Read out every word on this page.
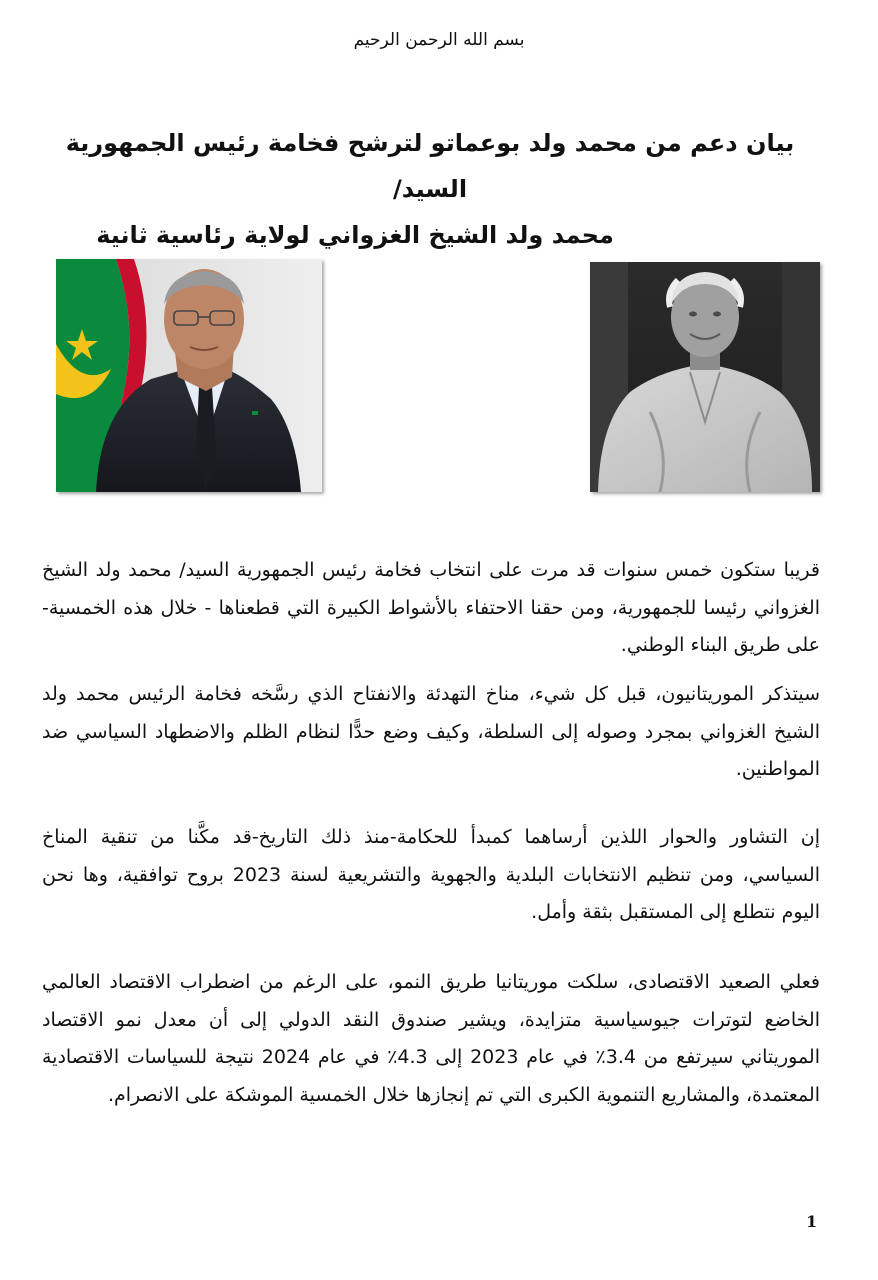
بسم الله الرحمن الرحيم
بيان دعم من محمد ولد بوعماتو لترشح فخامة رئيس الجمهورية السيد/
محمد ولد الشيخ الغزواني لولاية رئاسية ثانية

قريبا ستكون خمس سنوات قد مرت على انتخاب فخامة رئيس الجمهورية السيد/ محمد ولد الشيخ الغزواني رئيسا للجمهورية، ومن حقنا الاحتفاء بالأشواط الكبيرة التي قطعناها - خلال هذه الخمسية-على طريق البناء الوطني.

سيتذكر الموريتانيون، قبل كل شيء، مناخ التهدئة والانفتاح الذي رسَّخه فخامة الرئيس محمد ولد الشيخ الغزواني بمجرد وصوله إلى السلطة، وكيف وضع حدًّا لنظام الظلم والاضطهاد السياسي ضد المواطنين.

إن التشاور والحوار اللذين أرساهما كمبدأ للحكامة-منذ ذلك التاريخ-قد مكَّنا من تنقية المناخ السياسي، ومن تنظيم الانتخابات البلدية والجهوية والتشريعية لسنة 2023 بروح توافقية، وها نحن اليوم نتطلع إلى المستقبل بثقة وأمل.

فعلي الصعيد الاقتصادى، سلكت موريتانيا طريق النمو، على الرغم من اضطراب الاقتصاد العالمي الخاضع لتوترات جيوسياسية متزايدة، ويشير صندوق النقد الدولي إلى أن معدل نمو الاقتصاد الموريتاني سيرتفع من 3.4٪ في عام 2023 إلى 4.3٪ في عام 2024 نتيجة للسياسات الاقتصادية المعتمدة، والمشاريع التنموية الكبرى التي تم إنجازها خلال الخمسية الموشكة على الانصرام.

1
